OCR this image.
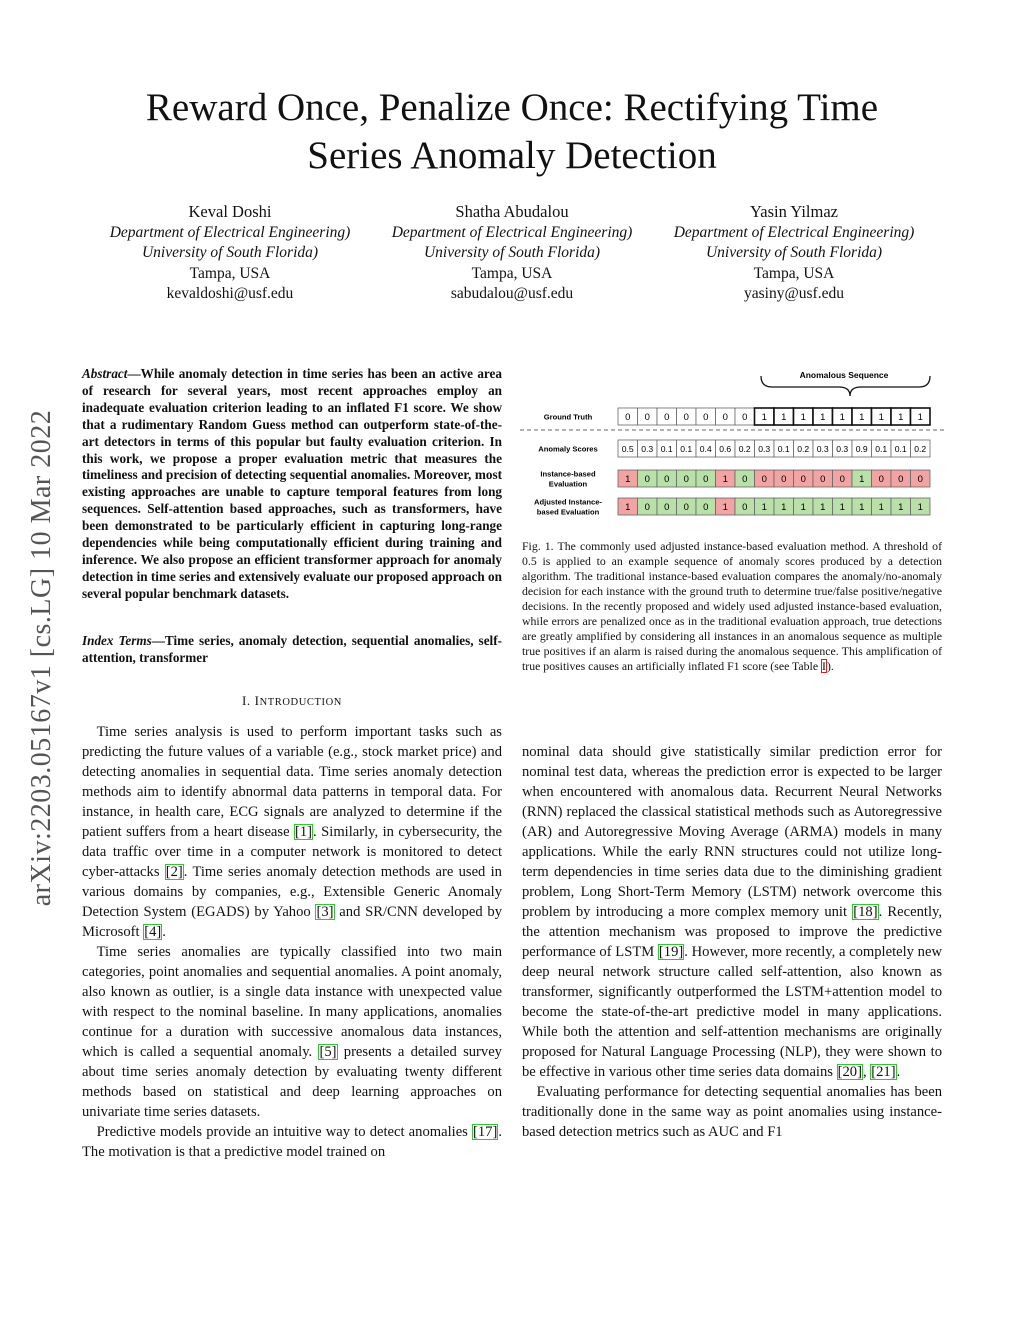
arXiv:2203.05167v1 [cs.LG] 10 Mar 2022
Reward Once, Penalize Once: Rectifying Time
Series Anomaly Detection
Keval Doshi
Department of Electrical Engineering)
University of South Florida)
Tampa, USA
kevaldoshi@usf.edu
Shatha Abudalou
Department of Electrical Engineering)
University of South Florida)
Tampa, USA
sabudalou@usf.edu
Yasin Yilmaz
Department of Electrical Engineering)
University of South Florida)
Tampa, USA
yasiny@usf.edu
Abstract—While anomaly detection in time series has been an active area of research for several years, most recent approaches employ an inadequate evaluation criterion leading to an inflated F1 score. We show that a rudimentary Random Guess method can outperform state-of-the-art detectors in terms of this popular but faulty evaluation criterion. In this work, we propose a proper evaluation metric that measures the timeliness and precision of detecting sequential anomalies. Moreover, most existing approaches are unable to capture temporal features from long sequences. Self-attention based approaches, such as transformers, have been demonstrated to be particularly efficient in capturing long-range dependencies while being computationally efficient during training and inference. We also propose an efficient transformer approach for anomaly detection in time series and extensively evaluate our proposed approach on several popular benchmark datasets.
Index Terms—Time series, anomaly detection, sequential anomalies, self-attention, transformer
I. INTRODUCTION

Time series analysis is used to perform important tasks such as predicting the future values of a variable (e.g., stock market price) and detecting anomalies in sequential data. Time series anomaly detection methods aim to identify abnormal data patterns in temporal data. For instance, in health care, ECG signals are analyzed to determine if the patient suffers from a heart disease [1]. Similarly, in cybersecurity, the data traffic over time in a computer network is monitored to detect cyber-attacks [2]. Time series anomaly detection methods are used in various domains by companies, e.g., Extensible Generic Anomaly Detection System (EGADS) by Yahoo [3] and SR/CNN developed by Microsoft [4].

Time series anomalies are typically classified into two main categories, point anomalies and sequential anomalies. A point anomaly, also known as outlier, is a single data instance with unexpected value with respect to the nominal baseline. In many applications, anomalies continue for a duration with successive anomalous data instances, which is called a sequential anomaly. [5] presents a detailed survey about time series anomaly detection by evaluating twenty different methods based on statistical and deep learning approaches on univariate time series datasets.

Predictive models provide an intuitive way to detect anomalies [17]. The motivation is that a predictive model trained on

Anomalous Sequence
Ground Truth	0 0 0 0 0 0 0 1 1 1 1 1 1 1 1 1
Anomaly Scores	0.5 0.3 0.1 0.1 0.4 0.6 0.2 0.3 0.1 0.2 0.3 0.3 0.9 0.1 0.1 0.2
Instance-based
Evaluation	1 0 0 0 0 1 0 0 0 0 0 0 1 0 0 0
Adjusted Instance-
based Evaluation	1 0 0 0 0 1 0 1 1 1 1 1 1 1 1 1
Fig. 1. The commonly used adjusted instance-based evaluation method. A threshold of 0.5 is applied to an example sequence of anomaly scores produced by a detection algorithm. The traditional instance-based evaluation compares the anomaly/no-anomaly decision for each instance with the ground truth to determine true/false positive/negative decisions. In the recently proposed and widely used adjusted instance-based evaluation, while errors are penalized once as in the traditional evaluation approach, true detections are greatly amplified by considering all instances in an anomalous sequence as multiple true positives if an alarm is raised during the anomalous sequence. This amplification of true positives causes an artificially inflated F1 score (see Table I).

nominal data should give statistically similar prediction error for nominal test data, whereas the prediction error is expected to be larger when encountered with anomalous data. Recurrent Neural Networks (RNN) replaced the classical statistical methods such as Autoregressive (AR) and Autoregressive Moving Average (ARMA) models in many applications. While the early RNN structures could not utilize long-term dependencies in time series data due to the diminishing gradient problem, Long Short-Term Memory (LSTM) network overcome this problem by introducing a more complex memory unit [18]. Recently, the attention mechanism was proposed to improve the predictive performance of LSTM [19]. However, more recently, a completely new deep neural network structure called self-attention, also known as transformer, significantly outperformed the LSTM+attention model to become the state-of-the-art predictive model in many applications. While both the attention and self-attention mechanisms are originally proposed for Natural Language Processing (NLP), they were shown to be effective in various other time series data domains [20], [21].

Evaluating performance for detecting sequential anomalies has been traditionally done in the same way as point anomalies using instance-based detection metrics such as AUC and F1
